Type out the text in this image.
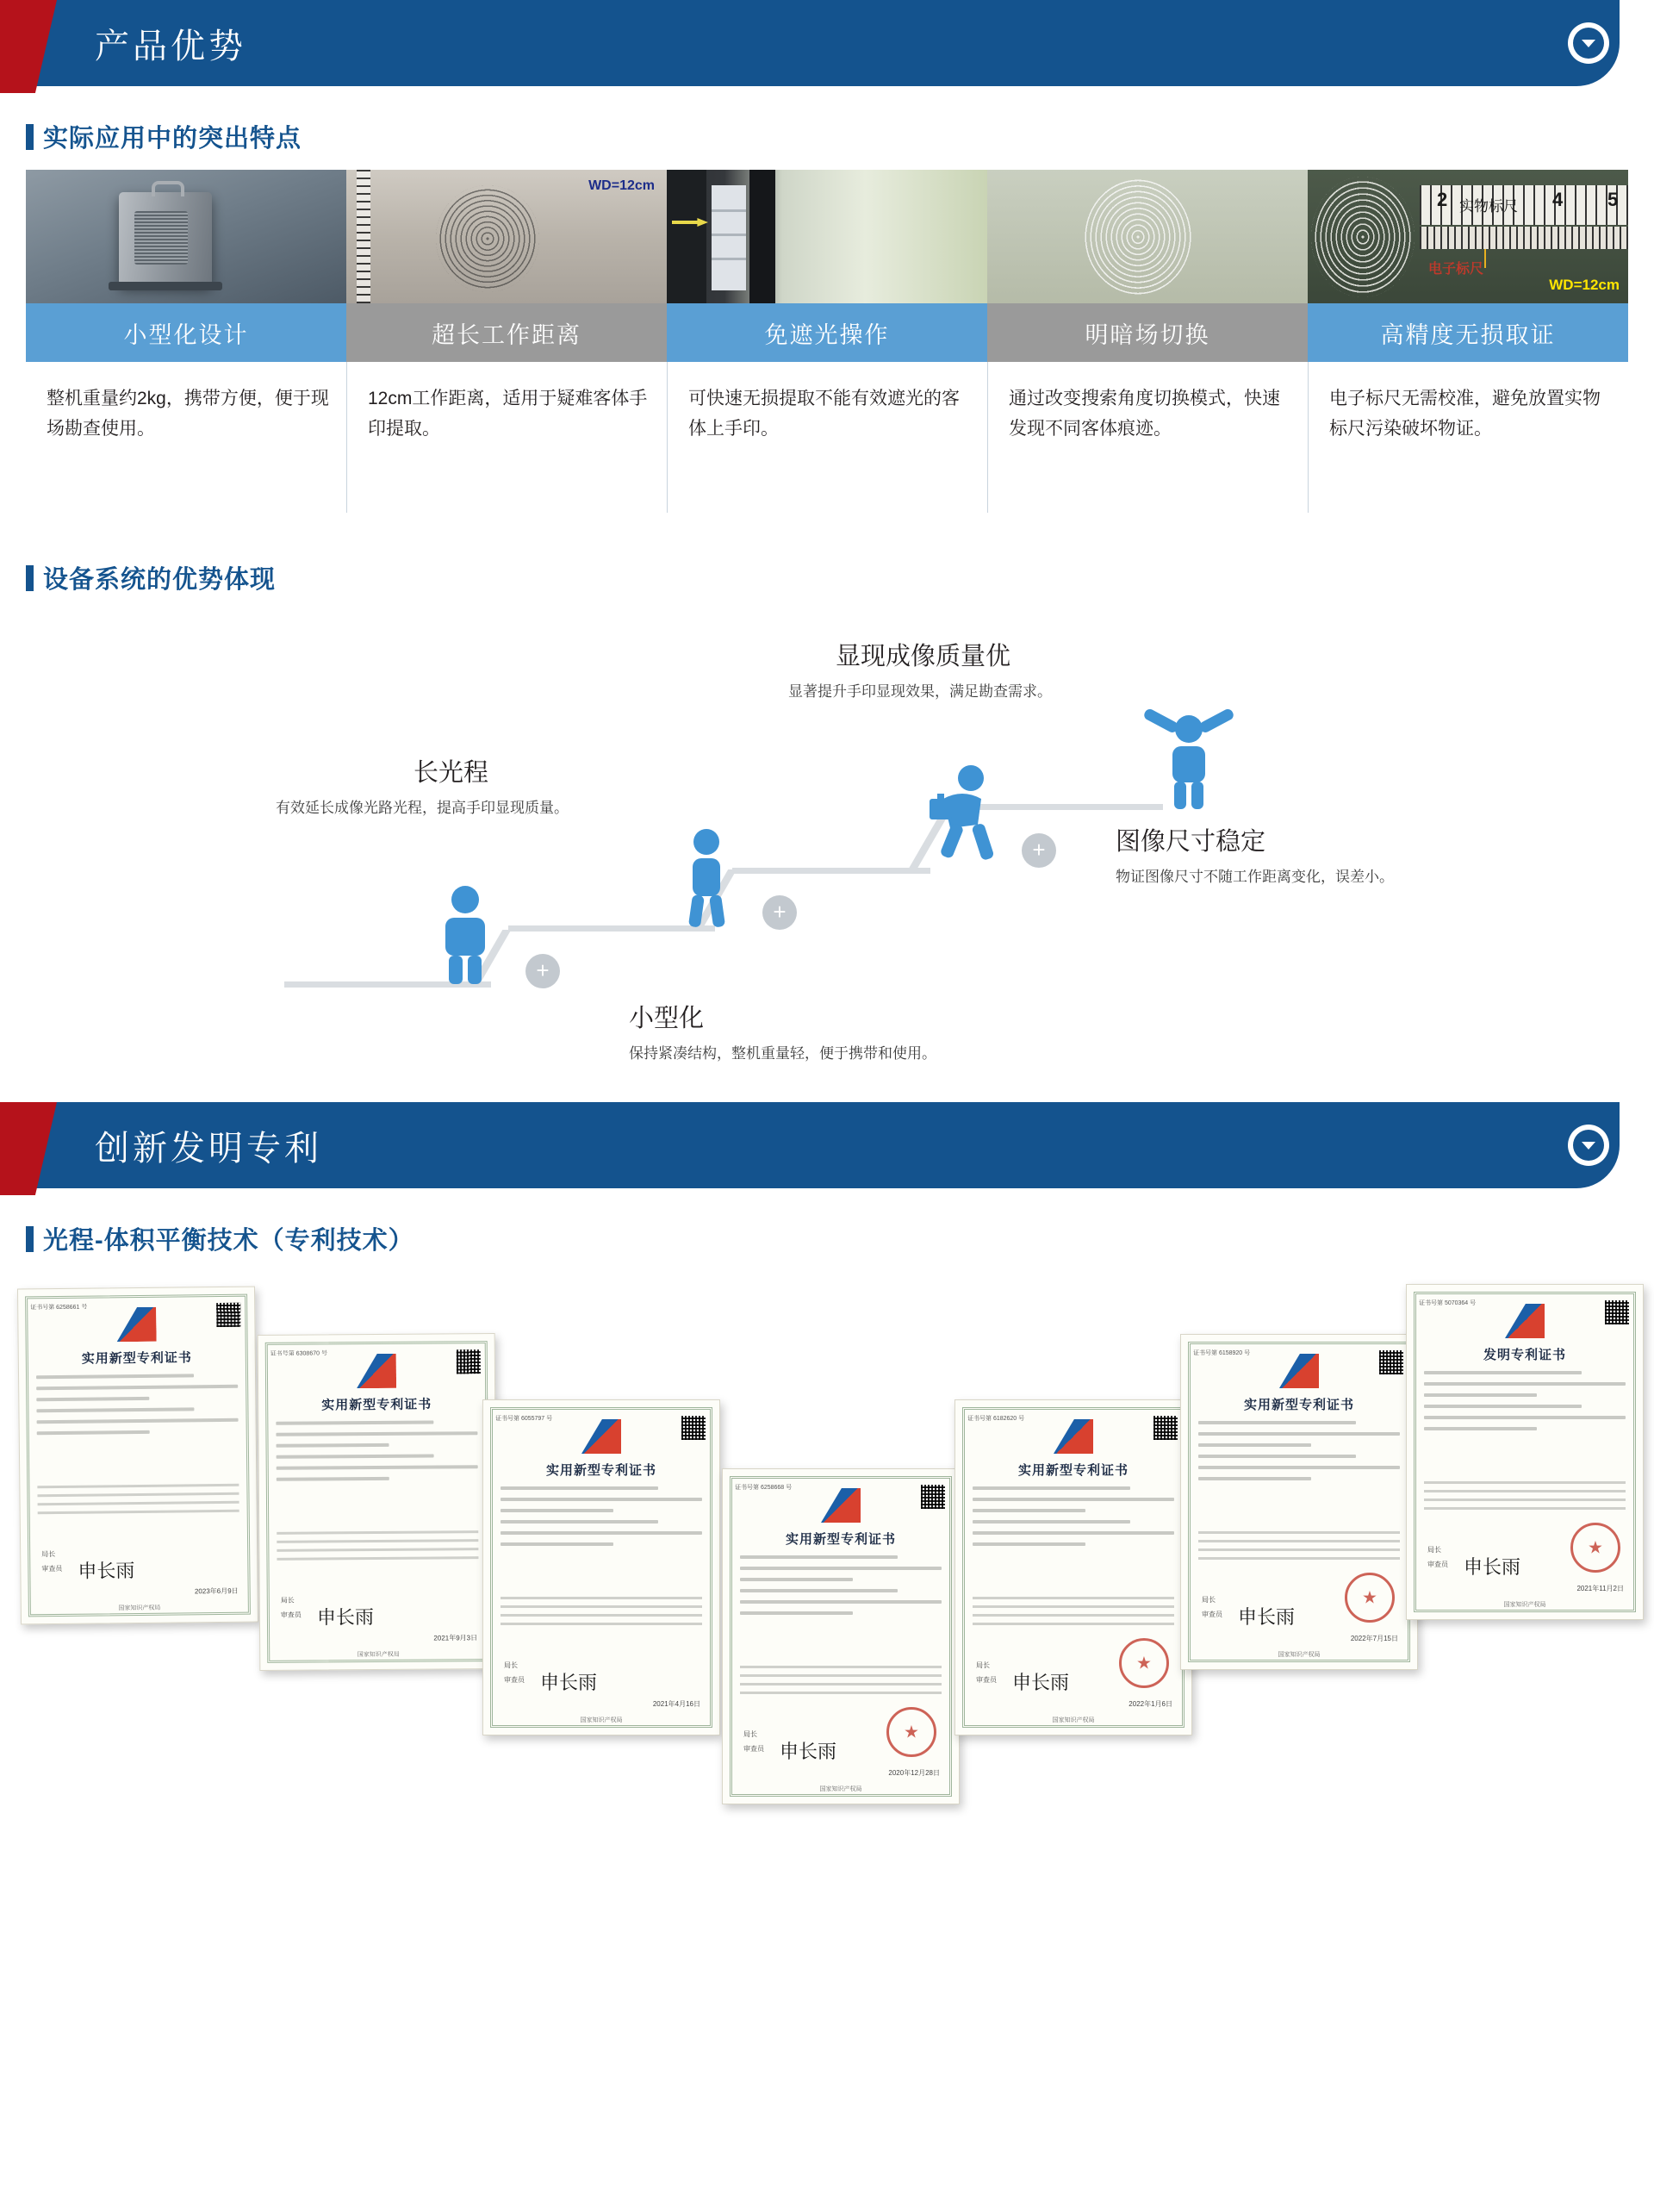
产品优势
实际应用中的突出特点
小型化设计
整机重量约2kg，携带方便，便于现场勘查使用。
WD=12cm
超长工作距离
12cm工作距离，适用于疑难客体手印提取。
免遮光操作
可快速无损提取不能有效遮光的客体上手印。
明暗场切换
通过改变搜索角度切换模式，快速发现不同客体痕迹。
2 实物标尺 4 5
电子标尺
WD=12cm
高精度无损取证
电子标尺无需校准，避免放置实物标尺污染破坏物证。
设备系统的优势体现
+
+
+
长光程
有效延长成像光路光程，提高手印显现质量。
小型化
保持紧凑结构，整机重量轻，便于携带和使用。
显现成像质量优
显著提升手印显现效果，满足勘查需求。
图像尺寸稳定
物证图像尺寸不随工作距离变化，误差小。
创新发明专利
光程-体积平衡技术（专利技术）
证书号第 6258661 号
实用新型专利证书
局长
审查员 申长雨
2023年6月9日
国家知识产权局
证书号第 6308670 号
实用新型专利证书
局长
审查员 申长雨
2021年9月3日
国家知识产权局
证书号第 6055797 号
实用新型专利证书
局长
审查员 申长雨
2021年4月16日
国家知识产权局
证书号第 6258668 号
实用新型专利证书
局长
审查员 申长雨
★
2020年12月28日
国家知识产权局
证书号第 6182620 号
实用新型专利证书
局长
审查员 申长雨
★
2022年1月6日
国家知识产权局
证书号第 6158920 号
实用新型专利证书
局长
审查员 申长雨
★
2022年7月15日
国家知识产权局
证书号第 5070364 号
发明专利证书
局长
审查员 申长雨
★
2021年11月2日
国家知识产权局
